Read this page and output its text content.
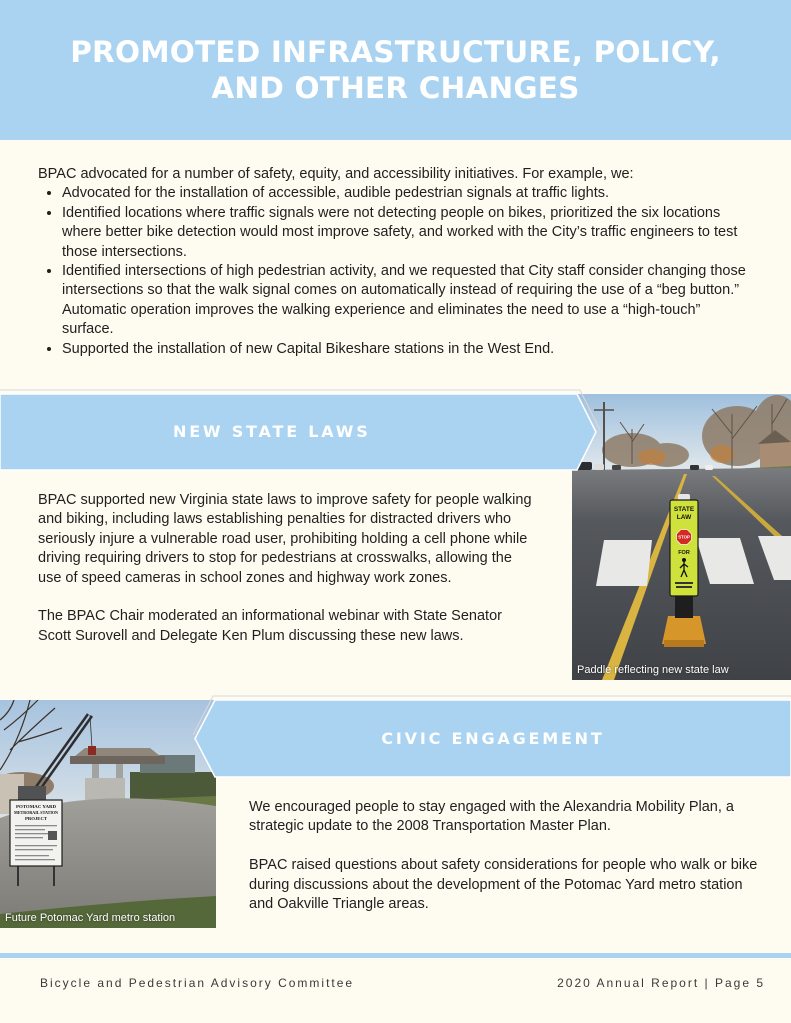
PROMOTED INFRASTRUCTURE, POLICY,
AND OTHER CHANGES

BPAC advocated for a number of safety, equity, and accessibility initiatives. For example, we:

• Advocated for the installation of accessible, audible pedestrian signals at traffic lights.
• Identified locations where traffic signals were not detecting people on bikes, prioritized the six locations where better bike detection would most improve safety, and worked with the City’s traffic engineers to test those intersections.
• Identified intersections of high pedestrian activity, and we requested that City staff consider changing those intersections so that the walk signal comes on automatically instead of requiring the use of a “beg button.” Automatic operation improves the walking experience and eliminates the need to use a “high-touch” surface.
• Supported the installation of new Capital Bikeshare stations in the West End.
STATE
LAW
STOP
FOR
Paddle reflecting new state law
NEW STATE LAWS

BPAC supported new Virginia state laws to improve safety for people walking and biking, including laws establishing penalties for distracted drivers who seriously injure a vulnerable road user, prohibiting holding a cell phone while driving requiring drivers to stop for pedestrians at crosswalks, allowing the use of speed cameras in school zones and highway work zones.

The BPAC Chair moderated an informational webinar with State Senator Scott Surovell and Delegate Ken Plum discussing these new laws.

POTOMAC YARD
METRORAIL STATION
PROJECT
Future Potomac Yard metro station
CIVIC ENGAGEMENT

We encouraged people to stay engaged with the Alexandria Mobility Plan, a strategic update to the 2008 Transportation Master Plan.

BPAC raised questions about safety considerations for people who walk or bike during discussions about the development of the Potomac Yard metro station and Oakville Triangle areas.

Bicycle and Pedestrian Advisory Committee	2020 Annual Report | Page 5
